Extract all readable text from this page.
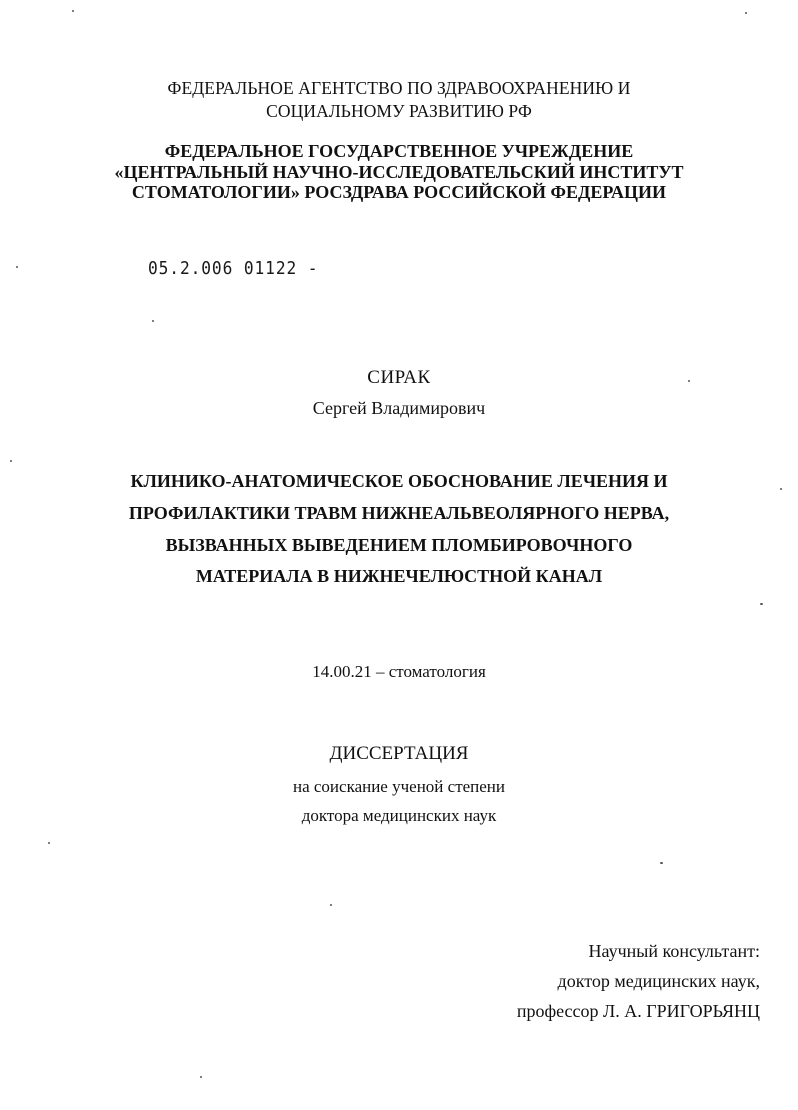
ФЕДЕРАЛЬНОЕ АГЕНТСТВО ПО ЗДРАВООХРАНЕНИЮ И
СОЦИАЛЬНОМУ РАЗВИТИЮ РФ
ФЕДЕРАЛЬНОЕ ГОСУДАРСТВЕННОЕ УЧРЕЖДЕНИЕ
«ЦЕНТРАЛЬНЫЙ НАУЧНО-ИССЛЕДОВАТЕЛЬСКИЙ ИНСТИТУТ
СТОМАТОЛОГИИ» РОСЗДРАВА РОССИЙСКОЙ ФЕДЕРАЦИИ
05.2.006 01122 -
СИРАК
Сергей Владимирович
КЛИНИКО-АНАТОМИЧЕСКОЕ ОБОСНОВАНИЕ ЛЕЧЕНИЯ И
ПРОФИЛАКТИКИ ТРАВМ НИЖНЕАЛЬВЕОЛЯРНОГО НЕРВА,
ВЫЗВАННЫХ ВЫВЕДЕНИЕМ ПЛОМБИРОВОЧНОГО
МАТЕРИАЛА В НИЖНЕЧЕЛЮСТНОЙ КАНАЛ
14.00.21 – стоматология
ДИССЕРТАЦИЯ
на соискание ученой степени
доктора медицинских наук
Научный консультант:
доктор медицинских наук,
профессор Л. А. ГРИГОРЬЯНЦ
